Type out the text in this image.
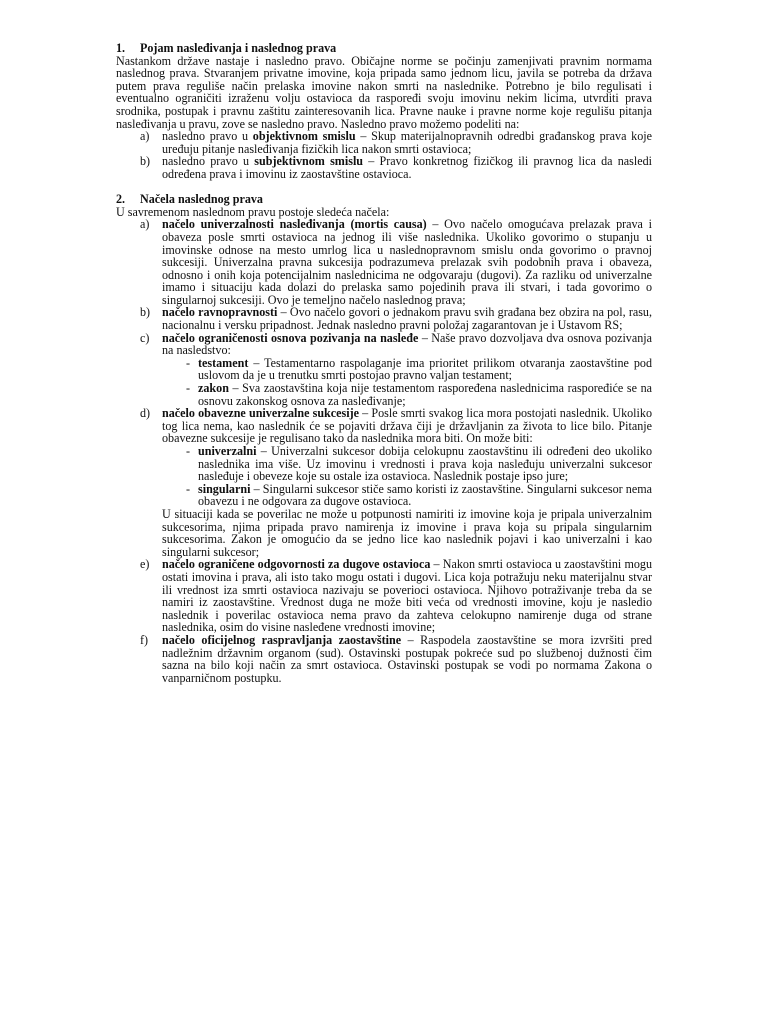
1. Pojam nasleđivanja i naslednog prava

Nastankom države nastaje i nasledno pravo. Običajne norme se počinju zamenjivati pravnim normama naslednog prava. Stvaranjem privatne imovine, koja pripada samo jednom licu, javila se potreba da država putem prava reguliše način prelaska imovine nakon smrti na naslednike. Potrebno je bilo regulisati i eventualno ograničiti izraženu volju ostavioca da raspoređi svoju imovinu nekim licima, utvrditi prava srodnika, postupak i pravnu zaštitu zainteresovanih lica. Pravne nauke i pravne norme koje regulišu pitanja nasleđivanja u pravu, zove se nasledno pravo. Nasledno pravo možemo podeliti na:

a) nasledno pravo u objektivnom smislu – Skup materijalnopravnih odredbi građanskog prava koje uređuju pitanje nasleđivanja fizičkih lica nakon smrti ostavioca;
b) nasledno pravo u subjektivnom smislu – Pravo konkretnog fizičkog ili pravnog lica da nasledi određena prava i imovinu iz zaostavštine ostavioca.
2. Načela naslednog prava

U savremenom naslednom pravu postoje sledeća načela:

a) načelo univerzalnosti nasleđivanja (mortis causa) – Ovo načelo omogućava prelazak prava i obaveza posle smrti ostavioca na jednog ili više naslednika. Ukoliko govorimo o stupanju u imovinske odnose na mesto umrlog lica u naslednopravnom smislu onda govorimo o pravnoj sukcesiji. Univerzalna pravna sukcesija podrazumeva prelazak svih podobnih prava i obaveza, odnosno i onih koja potencijalnim naslednicima ne odgovaraju (dugovi). Za razliku od univerzalne imamo i situaciju kada dolazi do prelaska samo pojedinih prava ili stvari, i tada govorimo o singularnoj sukcesiji. Ovo je temeljno načelo naslednog prava;
b) načelo ravnopravnosti – Ovo načelo govori o jednakom pravu svih građana bez obzira na pol, rasu, nacionalnu i versku pripadnost. Jednak nasledno pravni položaj zagarantovan je i Ustavom RS;
c) načelo ograničenosti osnova pozivanja na nasleđe – Naše pravo dozvoljava dva osnova pozivanja na nasledstvo:
- testament – Testamentarno raspolaganje ima prioritet prilikom otvaranja zaostavštine pod uslovom da je u trenutku smrti postojao pravno valjan testament;
- zakon – Sva zaostavština koja nije testamentom raspoređena naslednicima raspoređiće se na osnovu zakonskog osnova za nasleđivanje;
d) načelo obavezne univerzalne sukcesije – Posle smrti svakog lica mora postojati naslednik. Ukoliko tog lica nema, kao naslednik će se pojaviti država čiji je državljanin za života to lice bilo. Pitanje obavezne sukcesije je regulisano tako da naslednika mora biti. On može biti:
- univerzalni – Univerzalni sukcesor dobija celokupnu zaostavštinu ili određeni deo ukoliko naslednika ima više. Uz imovinu i vrednosti i prava koja nasleđuju univerzalni sukcesor nasleđuje i obeveze koje su ostale iza ostavioca. Naslednik postaje ipso jure;
- singularni – Singularni sukcesor stiče samo koristi iz zaostavštine. Singularni sukcesor nema obavezu i ne odgovara za dugove ostavioca.
U situaciji kada se poverilac ne može u potpunosti namiriti iz imovine koja je pripala univerzalnim sukcesorima, njima pripada pravo namirenja iz imovine i prava koja su pripala singularnim sukcesorima. Zakon je omogućio da se jedno lice kao naslednik pojavi i kao univerzalni i kao singularni sukcesor;
e) načelo ograničene odgovornosti za dugove ostavioca – Nakon smrti ostavioca u zaostavštini mogu ostati imovina i prava, ali isto tako mogu ostati i dugovi. Lica koja potražuju neku materijalnu stvar ili vrednost iza smrti ostavioca nazivaju se poverioci ostavioca. Njihovo potraživanje treba da se namiri iz zaostavštine. Vrednost duga ne može biti veća od vrednosti imovine, koju je nasledio naslednik i poverilac ostavioca nema pravo da zahteva celokupno namirenje duga od strane naslednika, osim do visine nasleđene vrednosti imovine;
f) načelo oficijelnog raspravljanja zaostavštine – Raspodela zaostavštine se mora izvršiti pred nadležnim državnim organom (sud). Ostavinski postupak pokreće sud po službenoj dužnosti čim sazna na bilo koji način za smrt ostavioca. Ostavinski postupak se vodi po normama Zakona o vanparničnom postupku.
